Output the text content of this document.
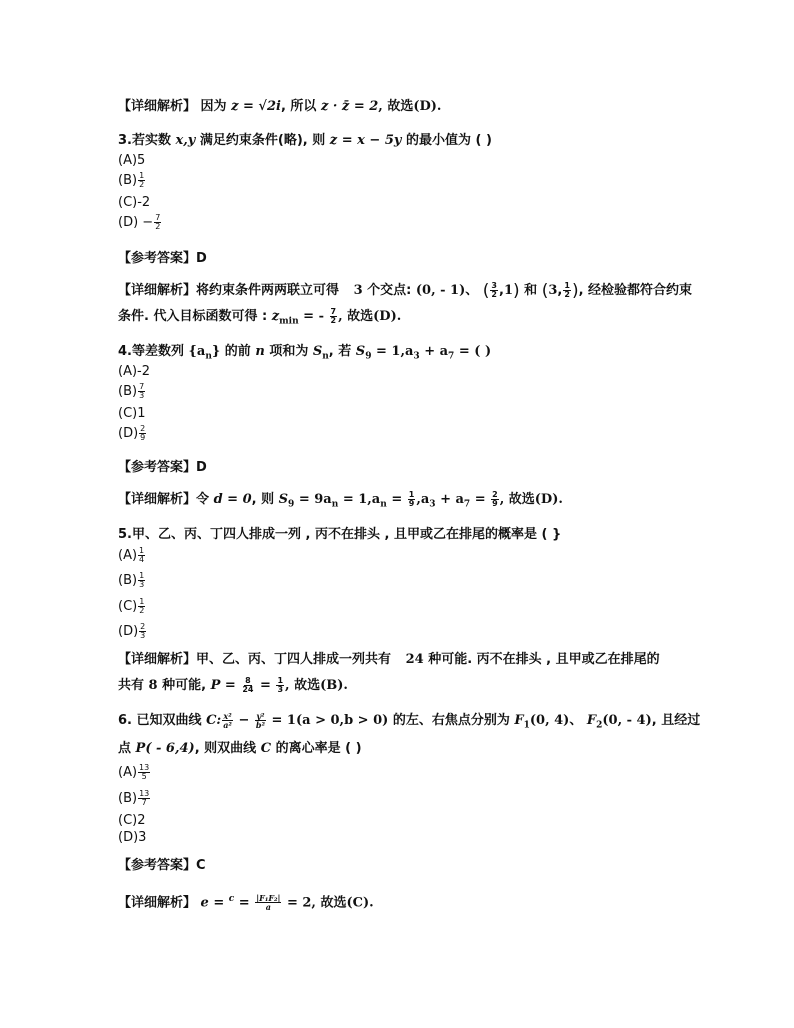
【详细解析】 因为 z = √2i, 所以 z · z̄ = 2, 故选(D).
3.若实数 x,y 满足约束条件(略), 则 z = x − 5y 的最小值为 ( )
(A)5
$(B) \frac{1}{2}$
(C)-2
$(D) - \frac{7}{2}$
【参考答案】D
【详细解析】将约束条件两两联立可得 3 个交点: (0, - 1)、 ( $\frac{3}{2} ,1$) 和 (3, $\frac{1}{2}$ ), 经检验都符合约束
条件. 代入目标函数可得 : $z_{min}$ = - $\frac{7}{2}$ , 故选(D).
4.等差数列 $\{a_n\}$ 的前 n 项和为 $S_n$, 若 $S_9 = 1,a_3 + a_7$ = ( )
(A)-2
$(B) \frac{7}{3}$
(C)1
$(D) \frac{2}{9}$
【参考答案】D
【详细解析】令 d = 0, 则 $S_9 = 9a_n = 1,a_n = \frac{1}{9} ,a_3 + a_7 = \frac{2}{9}$ , 故选(D).
5.甲、乙、丙、丁四人排成一列 , 丙不在排头 , 且甲或乙在排尾的概率是 ( }
$(A) \frac{1}{4}$
$(B) \frac{1}{3}$
$(C) \frac{1}{2}$
$(D) \frac{2}{3}$
【详细解析】甲、乙、丙、丁四人排成一列共有 24 种可能. 丙不在排头 , 且甲或乙在排尾的
共有 8 种可能, $P = \frac{8}{24} = \frac{1}{3}$ , 故选(B).
6. 已知双曲线 C: $\frac{\text{x²}}{\text{a²}} - \frac{\text{y²}}{\text{b²}} = 1(a > 0,b > 0)$ 的左、右焦点分别为 $F_1(0$, 4)、 $F_2(0$, - 4), 且经过
点 P( - 6,4), 则双曲线 C 的离心率是 ( )
$(A) \frac{13}{5}$
$(B) \frac{13}{7}$
(C)2
(D)3
【参考答案】C
【详细解析】 $e = ^c = \frac{\text{|F₁F₂|}}{a} = 2$, 故选(C).
